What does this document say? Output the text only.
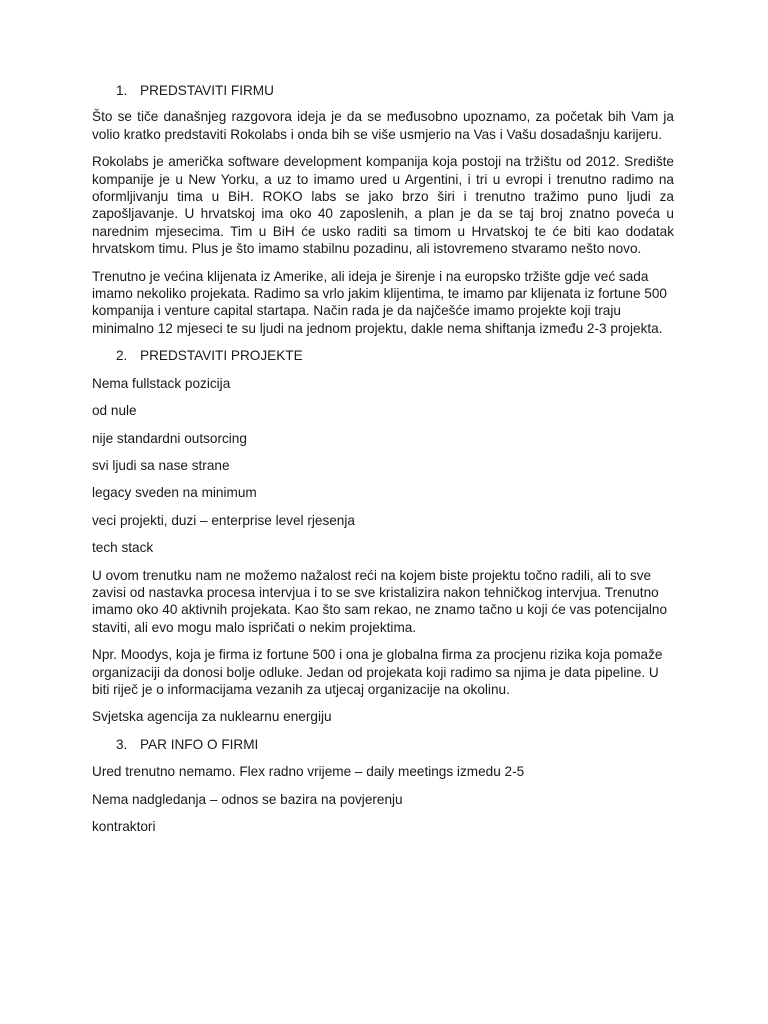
1. PREDSTAVITI FIRMU

Što se tiče današnjeg razgovora ideja je da se međusobno upoznamo, za početak bih Vam ja volio kratko predstaviti Rokolabs i onda bih se više usmjerio na Vas i Vašu dosadašnju karijeru.

Rokolabs je američka software development kompanija koja postoji na tržištu od 2012. Središte kompanije je u New Yorku, a uz to imamo ured u Argentini, i tri u evropi i trenutno radimo na oformljivanju tima u BiH. ROKO labs se jako brzo širi i trenutno tražimo puno ljudi za zapošljavanje. U hrvatskoj ima oko 40 zaposlenih, a plan je da se taj broj znatno poveća u narednim mjesecima. Tim u BiH će usko raditi sa timom u Hrvatskoj te će biti kao dodatak hrvatskom timu. Plus je što imamo stabilnu pozadinu, ali istovremeno stvaramo nešto novo.

Trenutno je većina klijenata iz Amerike, ali ideja je širenje i na europsko tržište gdje već sada imamo nekoliko projekata. Radimo sa vrlo jakim klijentima, te imamo par klijenata iz fortune 500 kompanija i venture capital startapa. Način rada je da najčešće imamo projekte koji traju minimalno 12 mjeseci te su ljudi na jednom projektu, dakle nema shiftanja između 2-3 projekta.

2. PREDSTAVITI PROJEKTE

Nema fullstack pozicija

od nule

nije standardni outsorcing

svi ljudi sa nase strane

legacy sveden na minimum

veci projekti, duzi – enterprise level rjesenja

tech stack

U ovom trenutku nam ne možemo nažalost reći na kojem biste projektu točno radili, ali to sve zavisi od nastavka procesa intervjua i to se sve kristalizira nakon tehničkog intervjua. Trenutno imamo oko 40 aktivnih projekata. Kao što sam rekao, ne znamo tačno u koji će vas potencijalno staviti, ali evo mogu malo ispričati o nekim projektima.

Npr. Moodys, koja je firma iz fortune 500 i ona je globalna firma za procjenu rizika koja pomaže organizaciji da donosi bolje odluke. Jedan od projekata koji radimo sa njima je data pipeline. U biti riječ je o informacijama vezanih za utjecaj organizacije na okolinu.

Svjetska agencija za nuklearnu energiju

3. PAR INFO O FIRMI

Ured trenutno nemamo. Flex radno vrijeme – daily meetings izmedu 2-5

Nema nadgledanja – odnos se bazira na povjerenju

kontraktori
